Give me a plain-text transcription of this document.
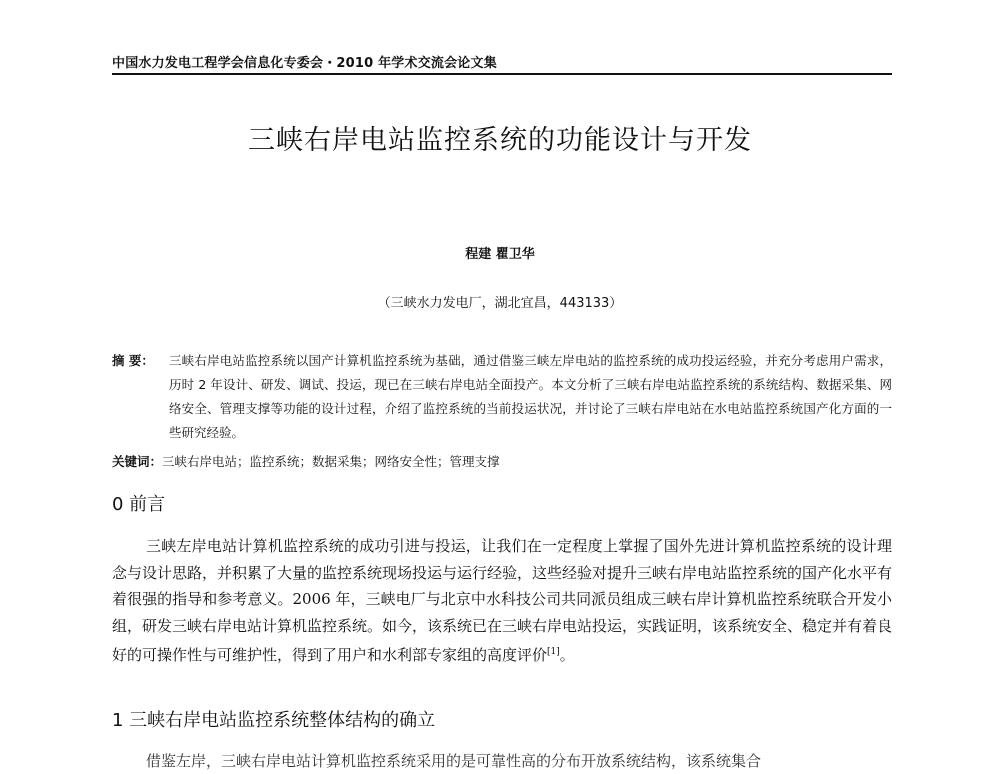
中国水力发电工程学会信息化专委会・2010 年学术交流会论文集
三峡右岸电站监控系统的功能设计与开发
程建 瞿卫华
（三峡水力发电厂，湖北宜昌，443133）
摘 要： 三峡右岸电站监控系统以国产计算机监控系统为基础，通过借鉴三峡左岸电站的监控系统的成功投运经验，并充分考虑用户需求，历时 2 年设计、研发、调试、投运，现已在三峡右岸电站全面投产。本文分析了三峡右岸电站监控系统的系统结构、数据采集、网络安全、管理支撑等功能的设计过程，介绍了监控系统的当前投运状况，并讨论了三峡右岸电站在水电站监控系统国产化方面的一些研究经验。
关键词：三峡右岸电站；监控系统；数据采集；网络安全性；管理支撑
0 前言

三峡左岸电站计算机监控系统的成功引进与投运，让我们在一定程度上掌握了国外先进计算机监控系统的设计理念与设计思路，并积累了大量的监控系统现场投运与运行经验，这些经验对提升三峡右岸电站监控系统的国产化水平有着很强的指导和参考意义。2006 年，三峡电厂与北京中水科技公司共同派员组成三峡右岸计算机监控系统联合开发小组，研发三峡右岸电站计算机监控系统。如今，该系统已在三峡右岸电站投运，实践证明，该系统安全、稳定并有着良好的可操作性与可维护性，得到了用户和水利部专家组的高度评价[1]。

1 三峡右岸电站监控系统整体结构的确立
借鉴左岸，三峡右岸电站计算机监控系统采用的是可靠性高的分布开放系统结构，该系统集合
